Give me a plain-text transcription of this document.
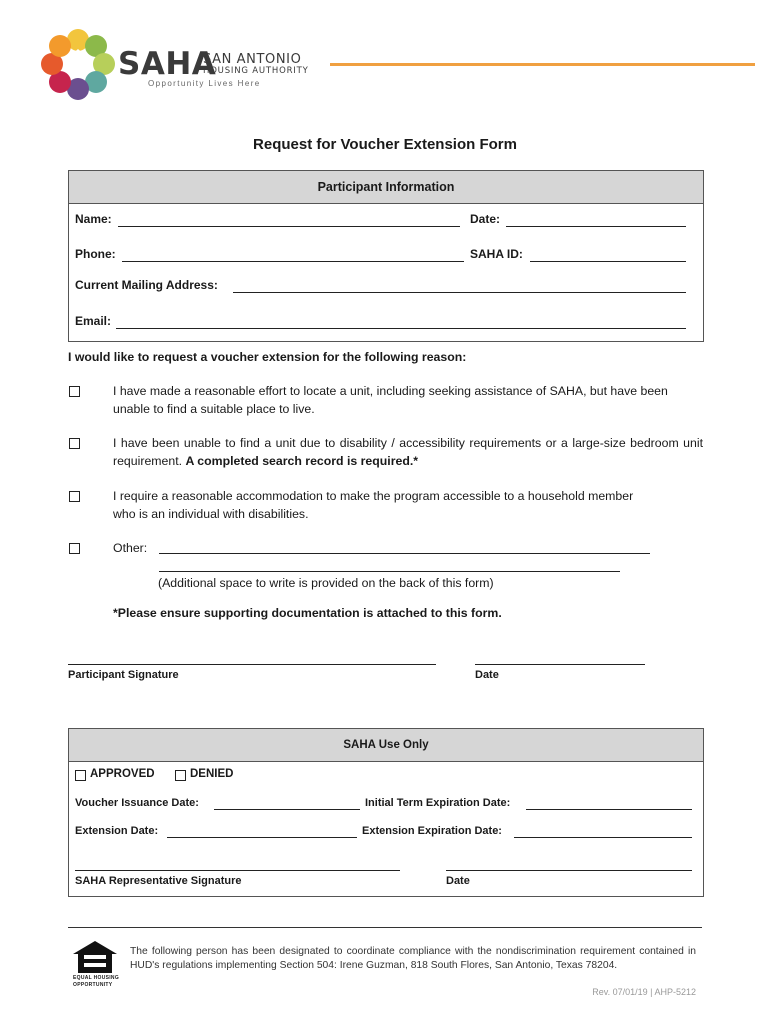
SAHA
SAN ANTONIO
HOUSING AUTHORITY
Opportunity Lives Here
Request for Voucher Extension Form
Participant Information
Name:	Date:
Phone:	SAHA ID:
Current Mailing Address:
Email:
I would like to request a voucher extension for the following reason:
I have made a reasonable effort to locate a unit, including seeking assistance of SAHA, but have been unable to find a suitable place to live.
I have been unable to find a unit due to disability / accessibility requirements or a large-size bedroom unit requirement. A completed search record is required.*
I require a reasonable accommodation to make the program accessible to a household member who is an individual with disabilities.
Other:
(Additional space to write is provided on the back of this form)
*Please ensure supporting documentation is attached to this form.
Participant Signature	Date
SAHA Use Only
APPROVED	DENIED
Voucher Issuance Date:	Initial Term Expiration Date:
Extension Date:	Extension Expiration Date:
SAHA Representative Signature	Date
EQUAL HOUSING
OPPORTUNITY
The following person has been designated to coordinate compliance with the nondiscrimination requirement contained in HUD's regulations implementing Section 504: Irene Guzman, 818 South Flores, San Antonio, Texas 78204.
Rev. 07/01/19 | AHP-5212
